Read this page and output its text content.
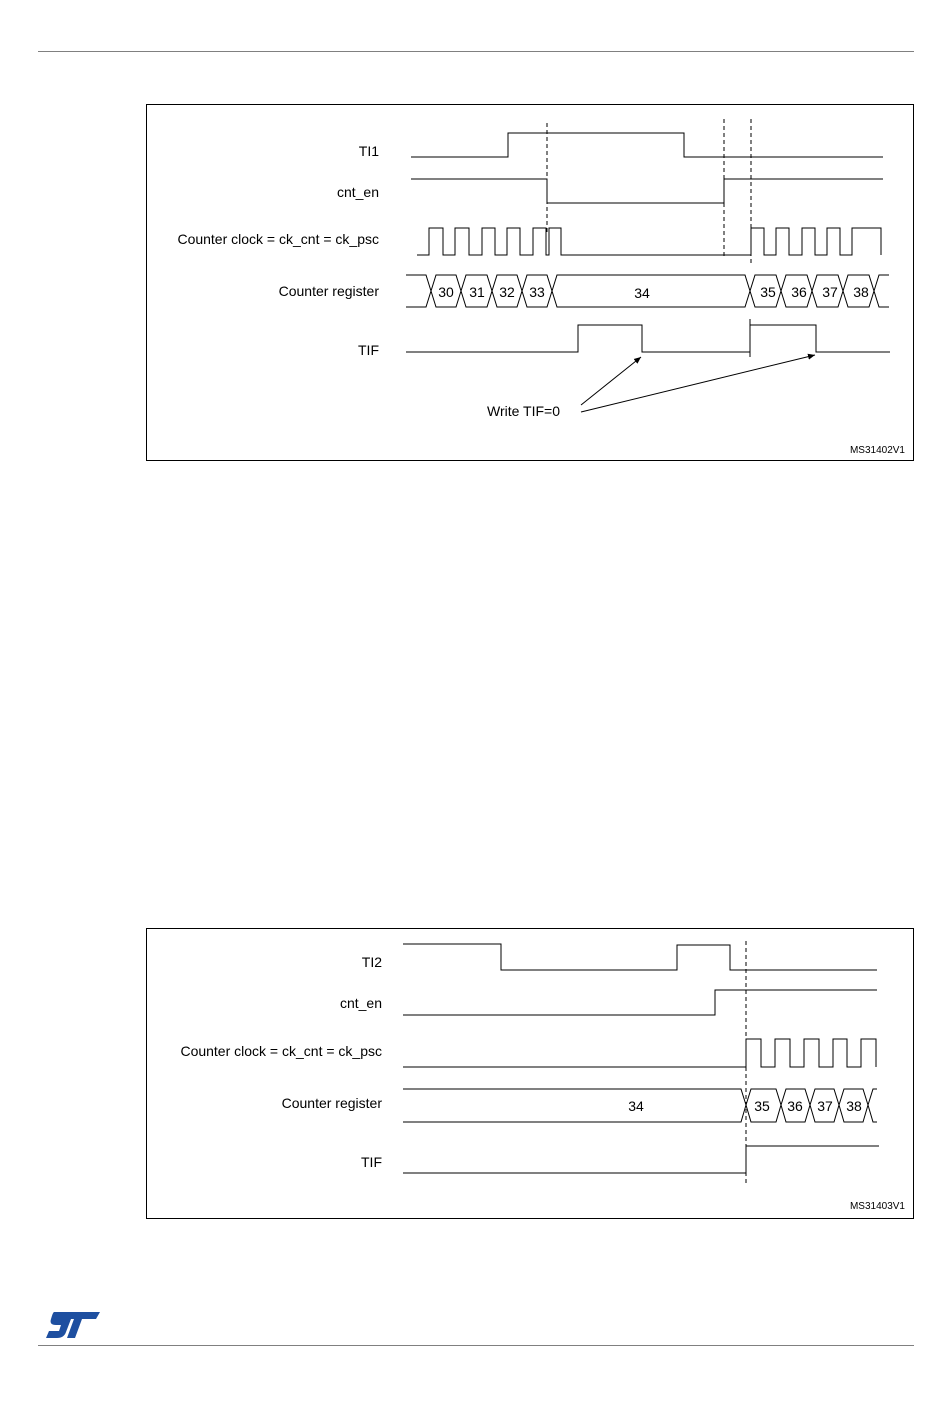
TI1
cnt_en
Counter clock = ck_cnt = ck_psc
Counter register
TIF
30 31 32 33	34	35 36 37 38
Write TIF=0
MS31402V1
TI2
cnt_en
Counter clock = ck_cnt = ck_psc
Counter register
TIF
34	35 36 37 38
MS31403V1
